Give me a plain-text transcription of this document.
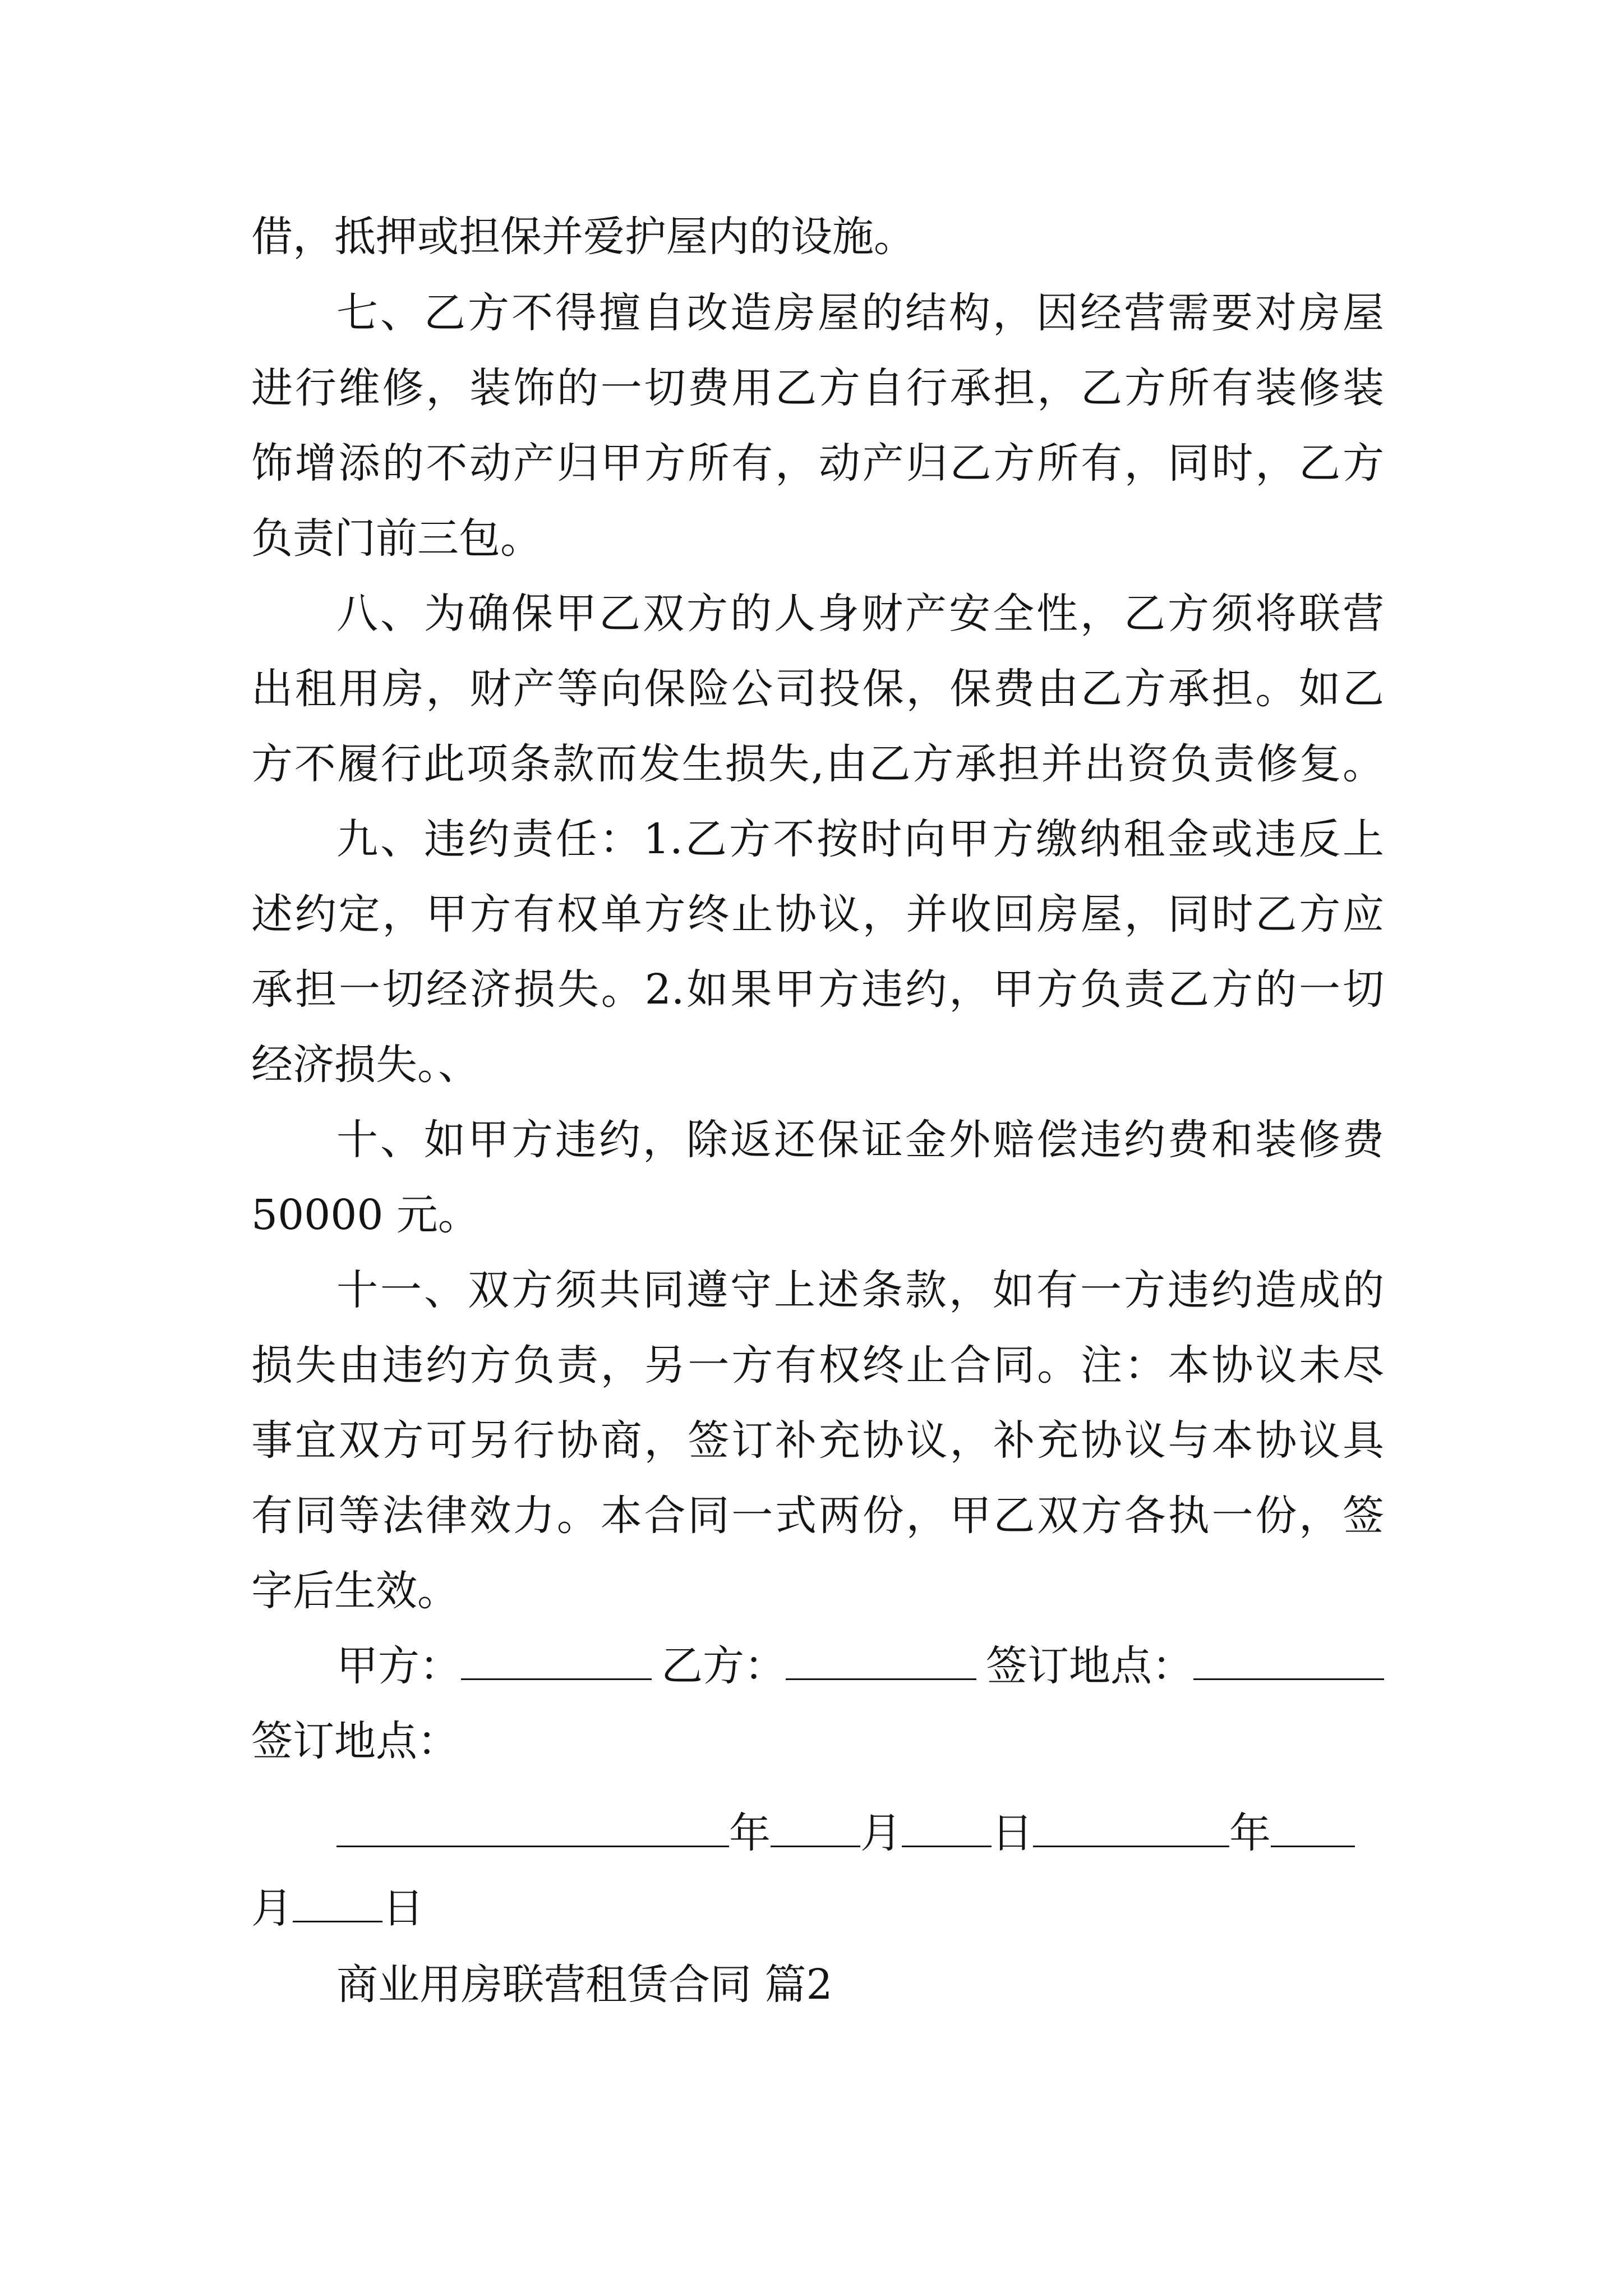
借，抵押或担保并爱护屋内的设施。
七、乙方不得擅自改造房屋的结构，因经营需要对房屋
进行维修，装饰的一切费用乙方自行承担，乙方所有装修装
饰增添的不动产归甲方所有，动产归乙方所有，同时，乙方
负责门前三包。
八、为确保甲乙双方的人身财产安全性，乙方须将联营
出租用房，财产等向保险公司投保，保费由乙方承担。如乙
方不履行此项条款而发生损失,由乙方承担并出资负责修复。
九、违约责任：1.乙方不按时向甲方缴纳租金或违反上
述约定，甲方有权单方终止协议，并收回房屋，同时乙方应
承担一切经济损失。2.如果甲方违约，甲方负责乙方的一切
经济损失。、
十、如甲方违约，除返还保证金外赔偿违约费和装修费
50000 元。
十一、双方须共同遵守上述条款，如有一方违约造成的
损失由违约方负责，另一方有权终止合同。注：本协议未尽
事宜双方可另行协商，签订补充协议，补充协议与本协议具
有同等法律效力。本合同一式两份，甲乙双方各执一份，签
字后生效。
甲方：	乙方：	签订地点：
签订地点：
年 月 日	年
月 日
商业用房联营租赁合同 篇2
